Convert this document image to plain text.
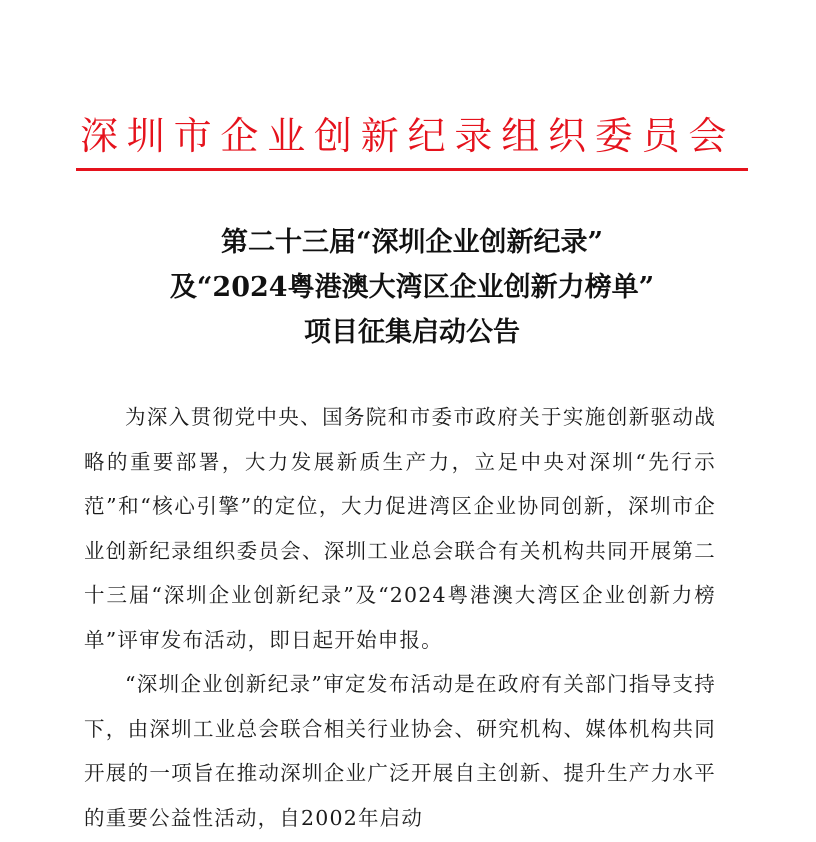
深圳市企业创新纪录组织委员会
第二十三届“深圳企业创新纪录”
及“2024粤港澳大湾区企业创新力榜单”
项目征集启动公告

为深入贯彻党中央、国务院和市委市政府关于实施创新驱动战略的重要部署，大力发展新质生产力，立足中央对深圳“先行示范”和“核心引擎”的定位，大力促进湾区企业协同创新，深圳市企业创新纪录组织委员会、深圳工业总会联合有关机构共同开展第二十三届“深圳企业创新纪录”及“2024粤港澳大湾区企业创新力榜单”评审发布活动，即日起开始申报。

“深圳企业创新纪录”审定发布活动是在政府有关部门指导支持下，由深圳工业总会联合相关行业协会、研究机构、媒体机构共同开展的一项旨在推动深圳企业广泛开展自主创新、提升生产力水平的重要公益性活动，自2002年启动
